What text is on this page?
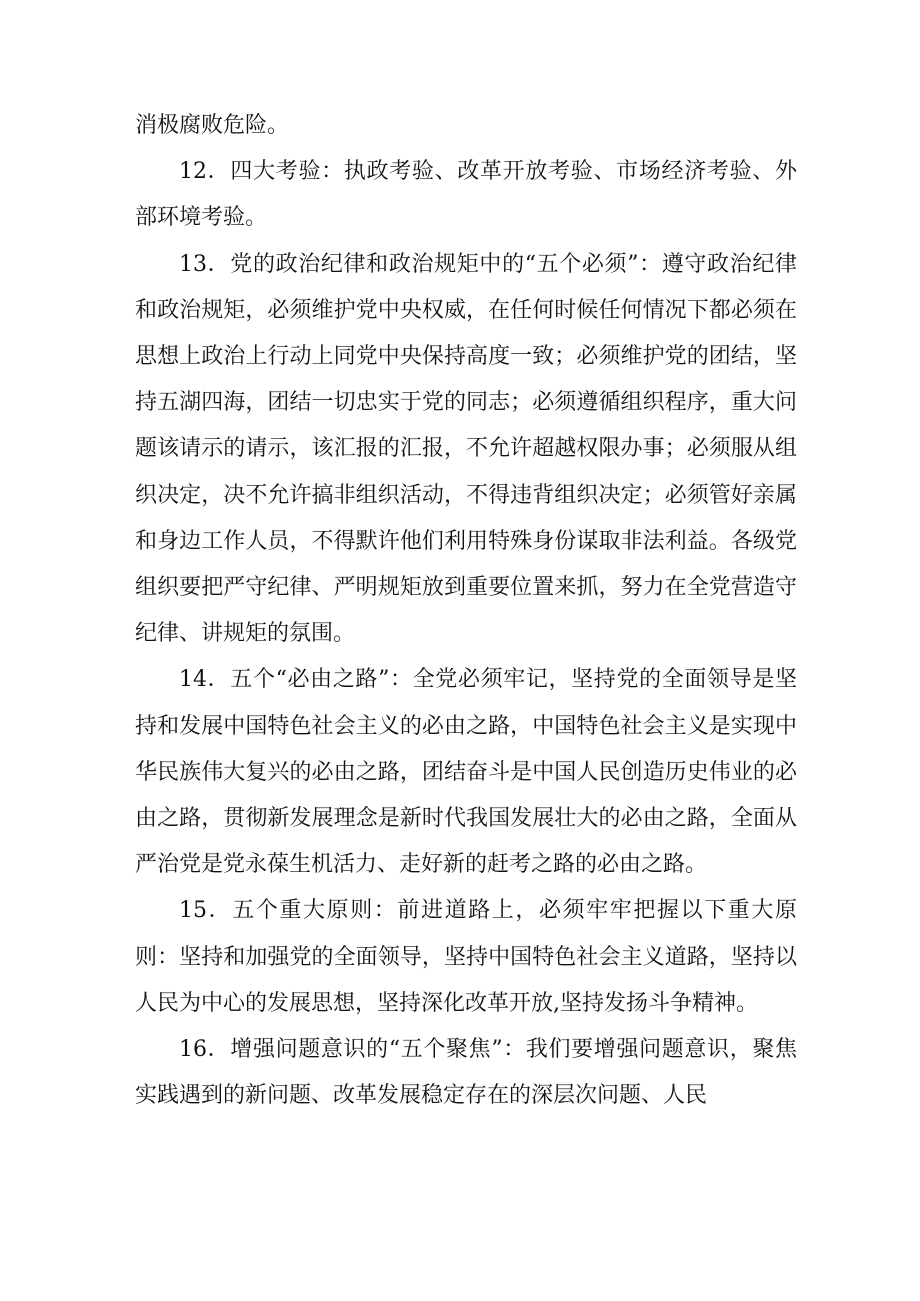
消极腐败危险。

12．四大考验：执政考验、改革开放考验、市场经济考验、外部环境考验。

13．党的政治纪律和政治规矩中的“五个必须”：遵守政治纪律和政治规矩，必须维护党中央权威，在任何时候任何情况下都必须在思想上政治上行动上同党中央保持高度一致；必须维护党的团结，坚持五湖四海，团结一切忠实于党的同志；必须遵循组织程序，重大问题该请示的请示，该汇报的汇报，不允许超越权限办事；必须服从组织决定，决不允许搞非组织活动，不得违背组织决定；必须管好亲属和身边工作人员，不得默许他们利用特殊身份谋取非法利益。各级党组织要把严守纪律、严明规矩放到重要位置来抓，努力在全党营造守纪律、讲规矩的氛围。

14．五个“必由之路”：全党必须牢记，坚持党的全面领导是坚持和发展中国特色社会主义的必由之路，中国特色社会主义是实现中华民族伟大复兴的必由之路，团结奋斗是中国人民创造历史伟业的必由之路，贯彻新发展理念是新时代我国发展壮大的必由之路，全面从严治党是党永葆生机活力、走好新的赶考之路的必由之路。

15．五个重大原则：前进道路上，必须牢牢把握以下重大原则：坚持和加强党的全面领导，坚持中国特色社会主义道路，坚持以人民为中心的发展思想，坚持深化改革开放,坚持发扬斗争精神。

16．增强问题意识的“五个聚焦”：我们要增强问题意识，聚焦实践遇到的新问题、改革发展稳定存在的深层次问题、人民
